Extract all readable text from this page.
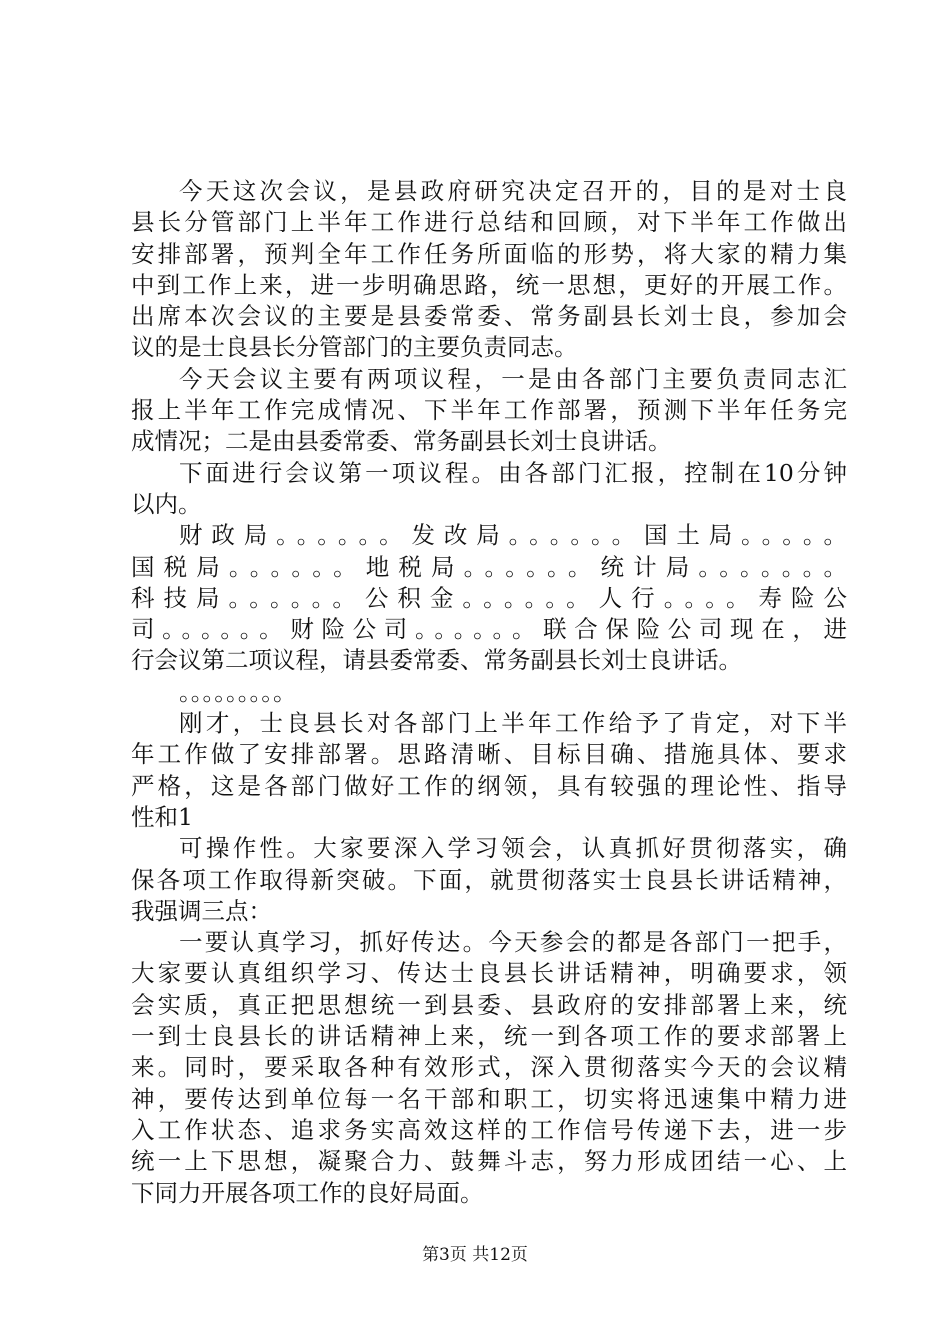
今天这次会议，是县政府研究决定召开的，目的是对士良
县长分管部门上半年工作进行总结和回顾，对下半年工作做出
安排部署，预判全年工作任务所面临的形势，将大家的精力集
中到工作上来，进一步明确思路，统一思想，更好的开展工作。
出席本次会议的主要是县委常委、常务副县长刘士良，参加会
议的是士良县长分管部门的主要负责同志。
今天会议主要有两项议程，一是由各部门主要负责同志汇
报上半年工作完成情况、下半年工作部署，预测下半年任务完
成情况；二是由县委常委、常务副县长刘士良讲话。
下面进行会议第一项议程。由各部门汇报，控制在10分钟
以内。
财政局。。。。。。发改局。。。。。。国土局。。。。。
国税局。。。。。。地税局。。。。。。统计局。。。。。。。
科技局。。。。。。公积金。。。。。。人行。。。。寿险公
司。。。。。。财险公司。。。。。。联合保险公司现在，进
行会议第二项议程，请县委常委、常务副县长刘士良讲话。
。。。。。。。。。
刚才，士良县长对各部门上半年工作给予了肯定，对下半
年工作做了安排部署。思路清晰、目标目确、措施具体、要求
严格，这是各部门做好工作的纲领，具有较强的理论性、指导
性和1
可操作性。大家要深入学习领会，认真抓好贯彻落实，确
保各项工作取得新突破。下面，就贯彻落实士良县长讲话精神，
我强调三点：
一要认真学习，抓好传达。今天参会的都是各部门一把手，
大家要认真组织学习、传达士良县长讲话精神，明确要求，领
会实质，真正把思想统一到县委、县政府的安排部署上来，统
一到士良县长的讲话精神上来，统一到各项工作的要求部署上
来。同时，要采取各种有效形式，深入贯彻落实今天的会议精
神，要传达到单位每一名干部和职工，切实将迅速集中精力进
入工作状态、追求务实高效这样的工作信号传递下去，进一步
统一上下思想，凝聚合力、鼓舞斗志，努力形成团结一心、上
下同力开展各项工作的良好局面。
第3页 共12页
